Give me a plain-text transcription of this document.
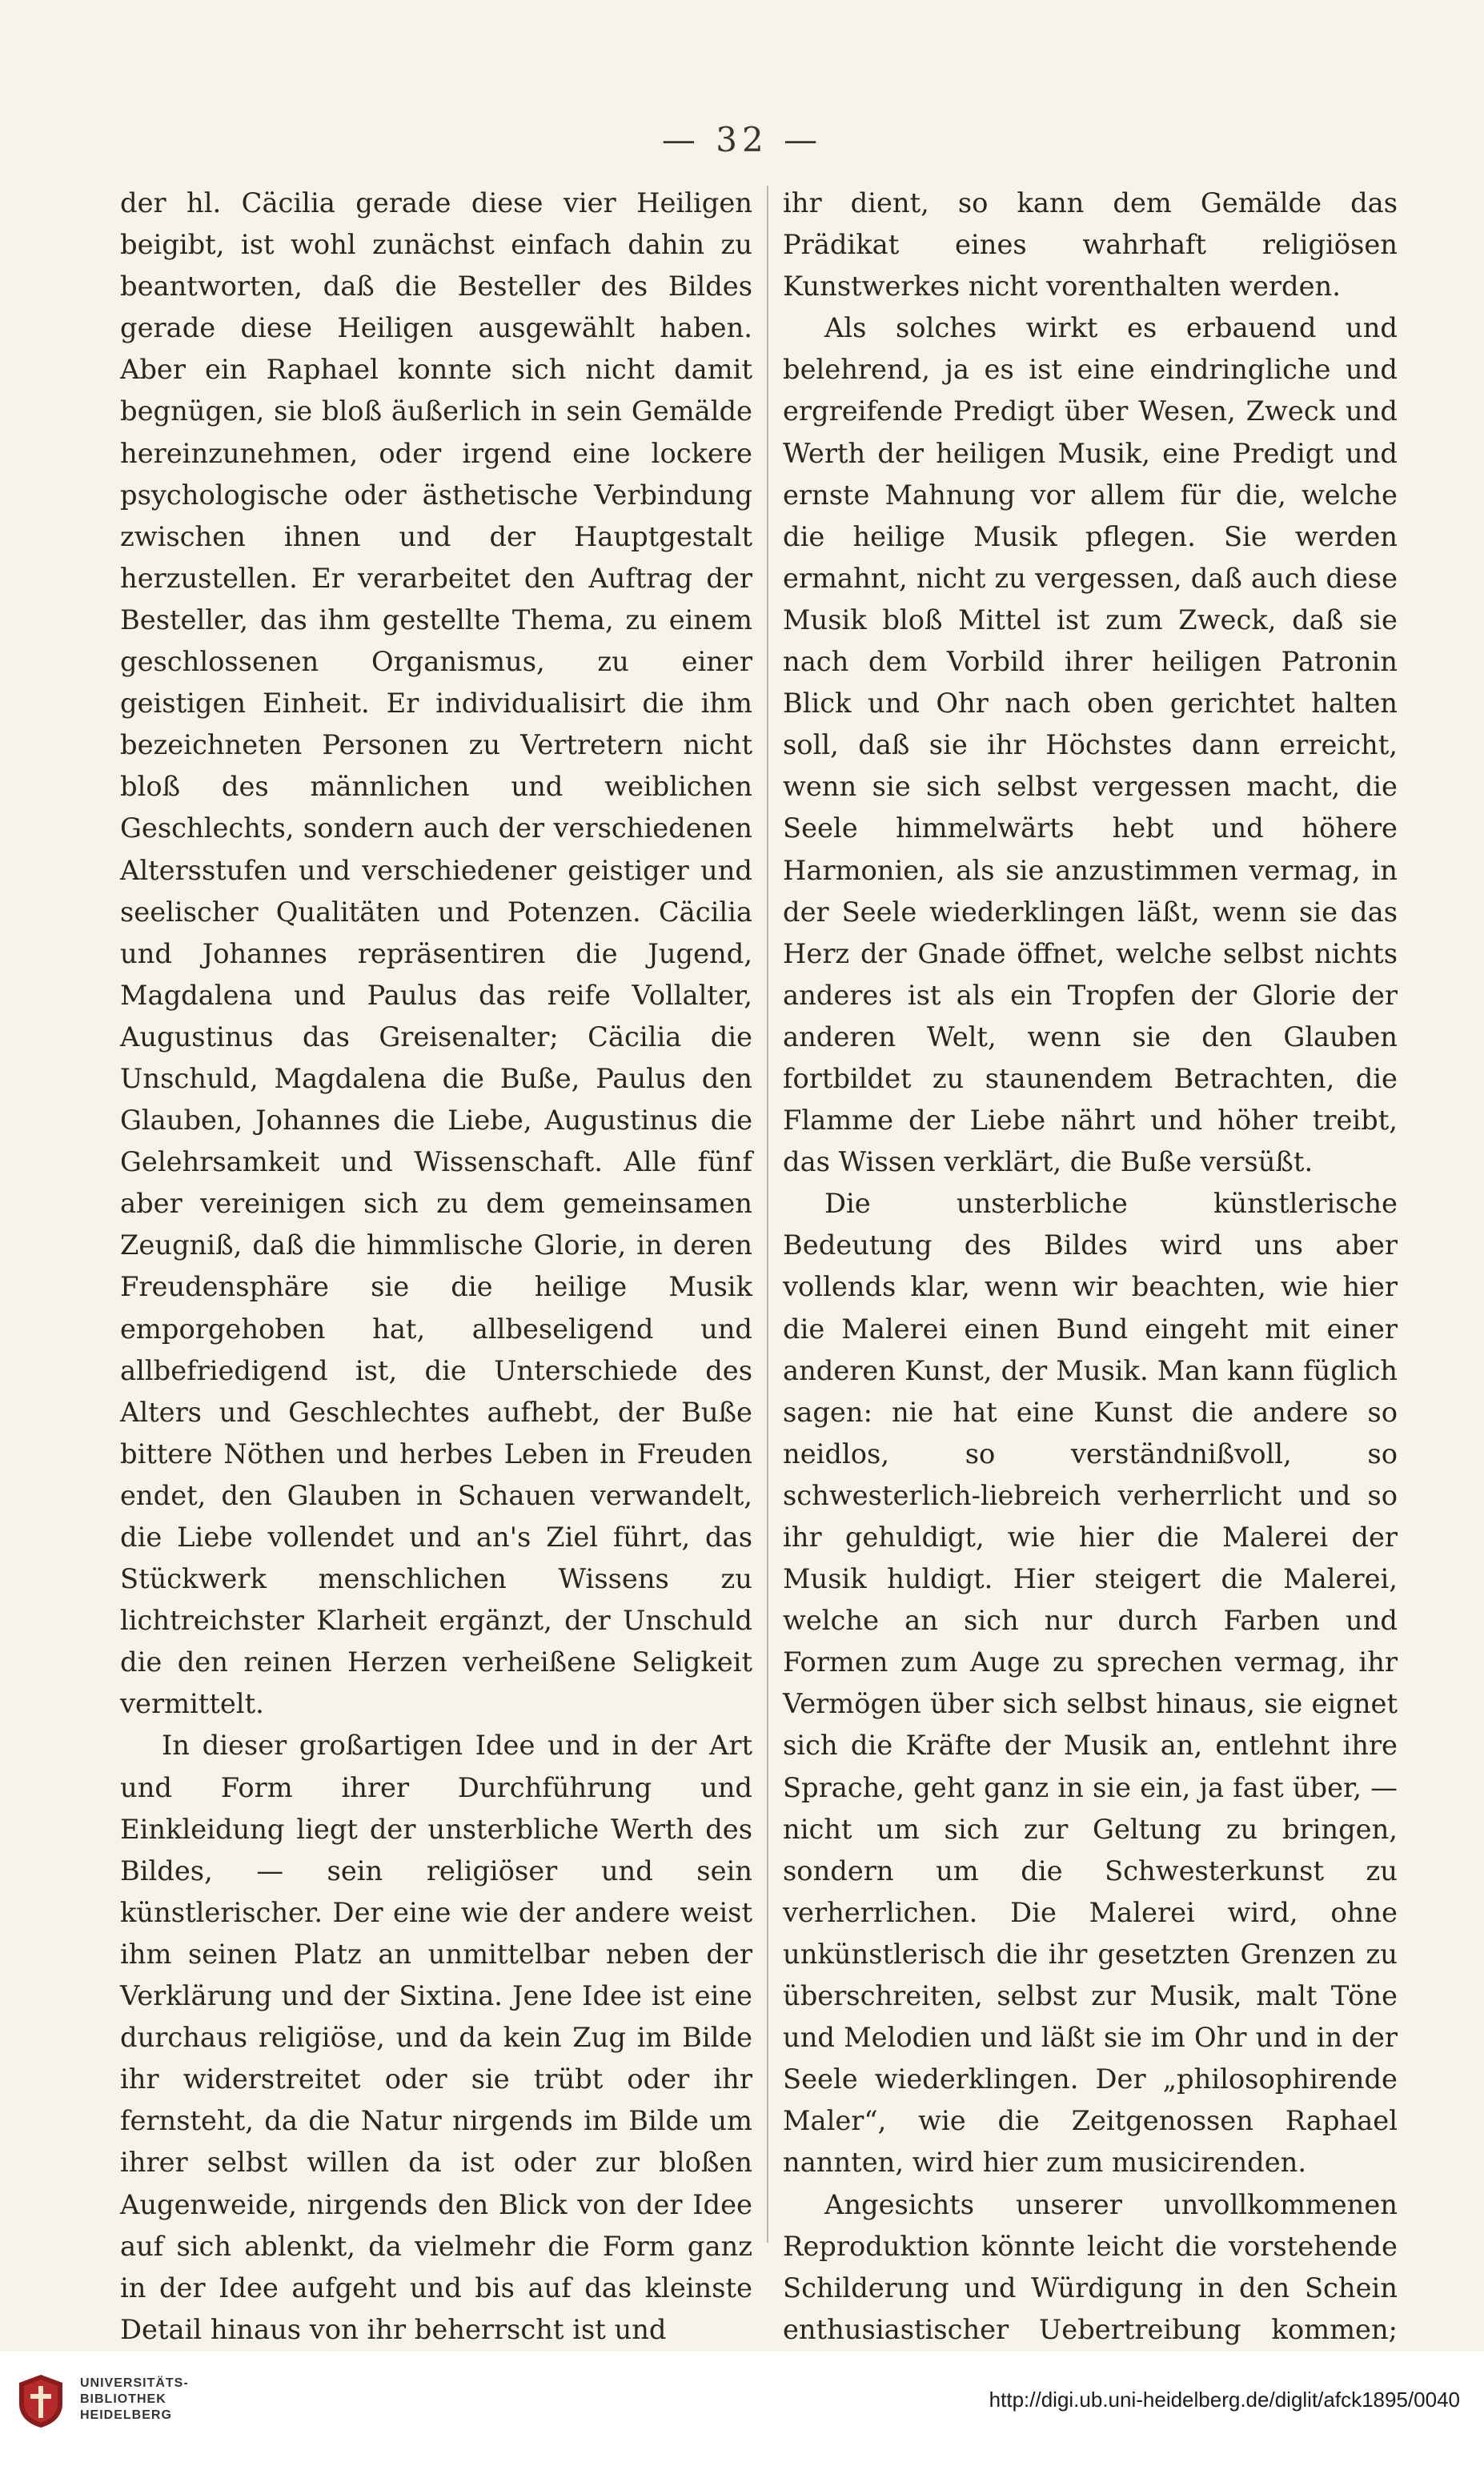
— 32 —

der hl. Cäcilia gerade diese vier Heiligen beigibt, ist wohl zunächst einfach dahin zu beantworten, daß die Besteller des Bildes gerade diese Heiligen ausgewählt haben. Aber ein Raphael konnte sich nicht damit begnügen, sie bloß äußerlich in sein Gemälde hereinzunehmen, oder irgend eine lockere psychologische oder ästhetische Verbindung zwischen ihnen und der Hauptgestalt herzustellen. Er verarbeitet den Auftrag der Besteller, das ihm gestellte Thema, zu einem geschlossenen Organismus, zu einer geistigen Einheit. Er individualisirt die ihm bezeichneten Personen zu Vertretern nicht bloß des männlichen und weiblichen Geschlechts, sondern auch der verschiedenen Altersstufen und verschiedener geistiger und seelischer Qualitäten und Potenzen. Cäcilia und Johannes repräsentiren die Jugend, Magdalena und Paulus das reife Vollalter, Augustinus das Greisenalter; Cäcilia die Unschuld, Magdalena die Buße, Paulus den Glauben, Johannes die Liebe, Augustinus die Gelehrsamkeit und Wissenschaft. Alle fünf aber vereinigen sich zu dem gemeinsamen Zeugniß, daß die himmlische Glorie, in deren Freudensphäre sie die heilige Musik emporgehoben hat, allbeseligend und allbefriedigend ist, die Unterschiede des Alters und Geschlechtes aufhebt, der Buße bittere Nöthen und herbes Leben in Freuden endet, den Glauben in Schauen verwandelt, die Liebe vollendet und an's Ziel führt, das Stückwerk menschlichen Wissens zu lichtreichster Klarheit ergänzt, der Unschuld die den reinen Herzen verheißene Seligkeit vermittelt.

In dieser großartigen Idee und in der Art und Form ihrer Durchführung und Einkleidung liegt der unsterbliche Werth des Bildes, — sein religiöser und sein künstlerischer. Der eine wie der andere weist ihm seinen Platz an unmittelbar neben der Verklärung und der Sixtina. Jene Idee ist eine durchaus religiöse, und da kein Zug im Bilde ihr widerstreitet oder sie trübt oder ihr fernsteht, da die Natur nirgends im Bilde um ihrer selbst willen da ist oder zur bloßen Augenweide, nirgends den Blick von der Idee auf sich ablenkt, da vielmehr die Form ganz in der Idee aufgeht und bis auf das kleinste Detail hinaus von ihr beherrscht ist und

ihr dient, so kann dem Gemälde das Prädikat eines wahrhaft religiösen Kunstwerkes nicht vorenthalten werden.

Als solches wirkt es erbauend und belehrend, ja es ist eine eindringliche und ergreifende Predigt über Wesen, Zweck und Werth der heiligen Musik, eine Predigt und ernste Mahnung vor allem für die, welche die heilige Musik pflegen. Sie werden ermahnt, nicht zu vergessen, daß auch diese Musik bloß Mittel ist zum Zweck, daß sie nach dem Vorbild ihrer heiligen Patronin Blick und Ohr nach oben gerichtet halten soll, daß sie ihr Höchstes dann erreicht, wenn sie sich selbst vergessen macht, die Seele himmelwärts hebt und höhere Harmonien, als sie anzustimmen vermag, in der Seele wiederklingen läßt, wenn sie das Herz der Gnade öffnet, welche selbst nichts anderes ist als ein Tropfen der Glorie der anderen Welt, wenn sie den Glauben fortbildet zu staunendem Betrachten, die Flamme der Liebe nährt und höher treibt, das Wissen verklärt, die Buße versüßt.

Die unsterbliche künstlerische Bedeutung des Bildes wird uns aber vollends klar, wenn wir beachten, wie hier die Malerei einen Bund eingeht mit einer anderen Kunst, der Musik. Man kann füglich sagen: nie hat eine Kunst die andere so neidlos, so verständnißvoll, so schwesterlich-liebreich verherrlicht und so ihr gehuldigt, wie hier die Malerei der Musik huldigt. Hier steigert die Malerei, welche an sich nur durch Farben und Formen zum Auge zu sprechen vermag, ihr Vermögen über sich selbst hinaus, sie eignet sich die Kräfte der Musik an, entlehnt ihre Sprache, geht ganz in sie ein, ja fast über, — nicht um sich zur Geltung zu bringen, sondern um die Schwesterkunst zu verherrlichen. Die Malerei wird, ohne unkünstlerisch die ihr gesetzten Grenzen zu überschreiten, selbst zur Musik, malt Töne und Melodien und läßt sie im Ohr und in der Seele wiederklingen. Der „philosophirende Maler“, wie die Zeitgenossen Raphael nannten, wird hier zum musicirenden.

Angesichts unserer unvollkommenen Reproduktion könnte leicht die vorstehende Schilderung und Würdigung in den Schein enthusiastischer Uebertreibung kommen;

UNIVERSITÄTS-
BIBLIOTHEK
HEIDELBERG
http://digi.ub.uni-heidelberg.de/diglit/afck1895/0040
